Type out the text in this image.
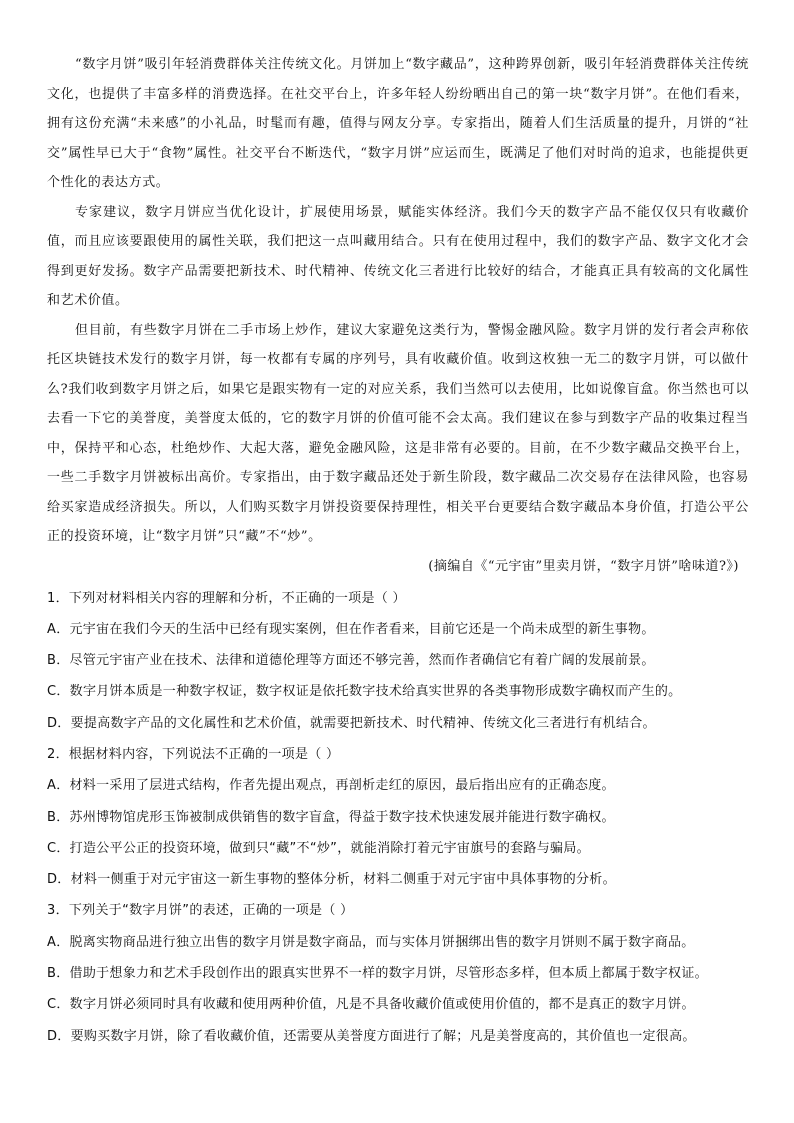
“数字月饼”吸引年轻消费群体关注传统文化。月饼加上“数字藏品”，这种跨界创新，吸引年轻消费群体关注传统文化，也提供了丰富多样的消费选择。在社交平台上，许多年轻人纷纷晒出自己的第一块“数字月饼”。在他们看来，拥有这份充满“未来感”的小礼品，时髦而有趣，值得与网友分享。专家指出，随着人们生活质量的提升，月饼的“社交”属性早已大于“食物”属性。社交平台不断迭代，“数字月饼”应运而生，既满足了他们对时尚的追求，也能提供更个性化的表达方式。

专家建议，数字月饼应当优化设计，扩展使用场景，赋能实体经济。我们今天的数字产品不能仅仅只有收藏价值，而且应该要跟使用的属性关联，我们把这一点叫藏用结合。只有在使用过程中，我们的数字产品、数字文化才会得到更好发扬。数字产品需要把新技术、时代精神、传统文化三者进行比较好的结合，才能真正具有较高的文化属性和艺术价值。

但目前，有些数字月饼在二手市场上炒作，建议大家避免这类行为，警惕金融风险。数字月饼的发行者会声称依托区块链技术发行的数字月饼，每一枚都有专属的序列号，具有收藏价值。收到这枚独一无二的数字月饼，可以做什么?我们收到数字月饼之后，如果它是跟实物有一定的对应关系，我们当然可以去使用，比如说像盲盒。你当然也可以去看一下它的美誉度，美誉度太低的，它的数字月饼的价值可能不会太高。我们建议在参与到数字产品的收集过程当中，保持平和心态，杜绝炒作、大起大落，避免金融风险，这是非常有必要的。目前，在不少数字藏品交换平台上，一些二手数字月饼被标出高价。专家指出，由于数字藏品还处于新生阶段，数字藏品二次交易存在法律风险，也容易给买家造成经济损失。所以，人们购买数字月饼投资要保持理性，相关平台更要结合数字藏品本身价值，打造公平公正的投资环境，让“数字月饼”只“藏”不“炒”。

(摘编自《“元宇宙”里卖月饼，“数字月饼”啥味道?》)

1．下列对材料相关内容的理解和分析，不正确的一项是（ ）

A．元宇宙在我们今天的生活中已经有现实案例，但在作者看来，目前它还是一个尚未成型的新生事物。

B．尽管元宇宙产业在技术、法律和道德伦理等方面还不够完善，然而作者确信它有着广阔的发展前景。

C．数字月饼本质是一种数字权证，数字权证是依托数字技术给真实世界的各类事物形成数字确权而产生的。

D．要提高数字产品的文化属性和艺术价值，就需要把新技术、时代精神、传统文化三者进行有机结合。

2．根据材料内容，下列说法不正确的一项是（ ）

A．材料一采用了层进式结构，作者先提出观点，再剖析走红的原因，最后指出应有的正确态度。

B．苏州博物馆虎形玉饰被制成供销售的数字盲盒，得益于数字技术快速发展并能进行数字确权。

C．打造公平公正的投资环境，做到只“藏”不“炒”，就能消除打着元宇宙旗号的套路与骗局。

D．材料一侧重于对元宇宙这一新生事物的整体分析，材料二侧重于对元宇宙中具体事物的分析。

3．下列关于“数字月饼”的表述，正确的一项是（ ）

A．脱离实物商品进行独立出售的数字月饼是数字商品，而与实体月饼捆绑出售的数字月饼则不属于数字商品。

B．借助于想象力和艺术手段创作出的跟真实世界不一样的数字月饼，尽管形态多样，但本质上都属于数字权证。

C．数字月饼必须同时具有收藏和使用两种价值，凡是不具备收藏价值或使用价值的，都不是真正的数字月饼。

D．要购买数字月饼，除了看收藏价值，还需要从美誉度方面进行了解；凡是美誉度高的，其价值也一定很高。
